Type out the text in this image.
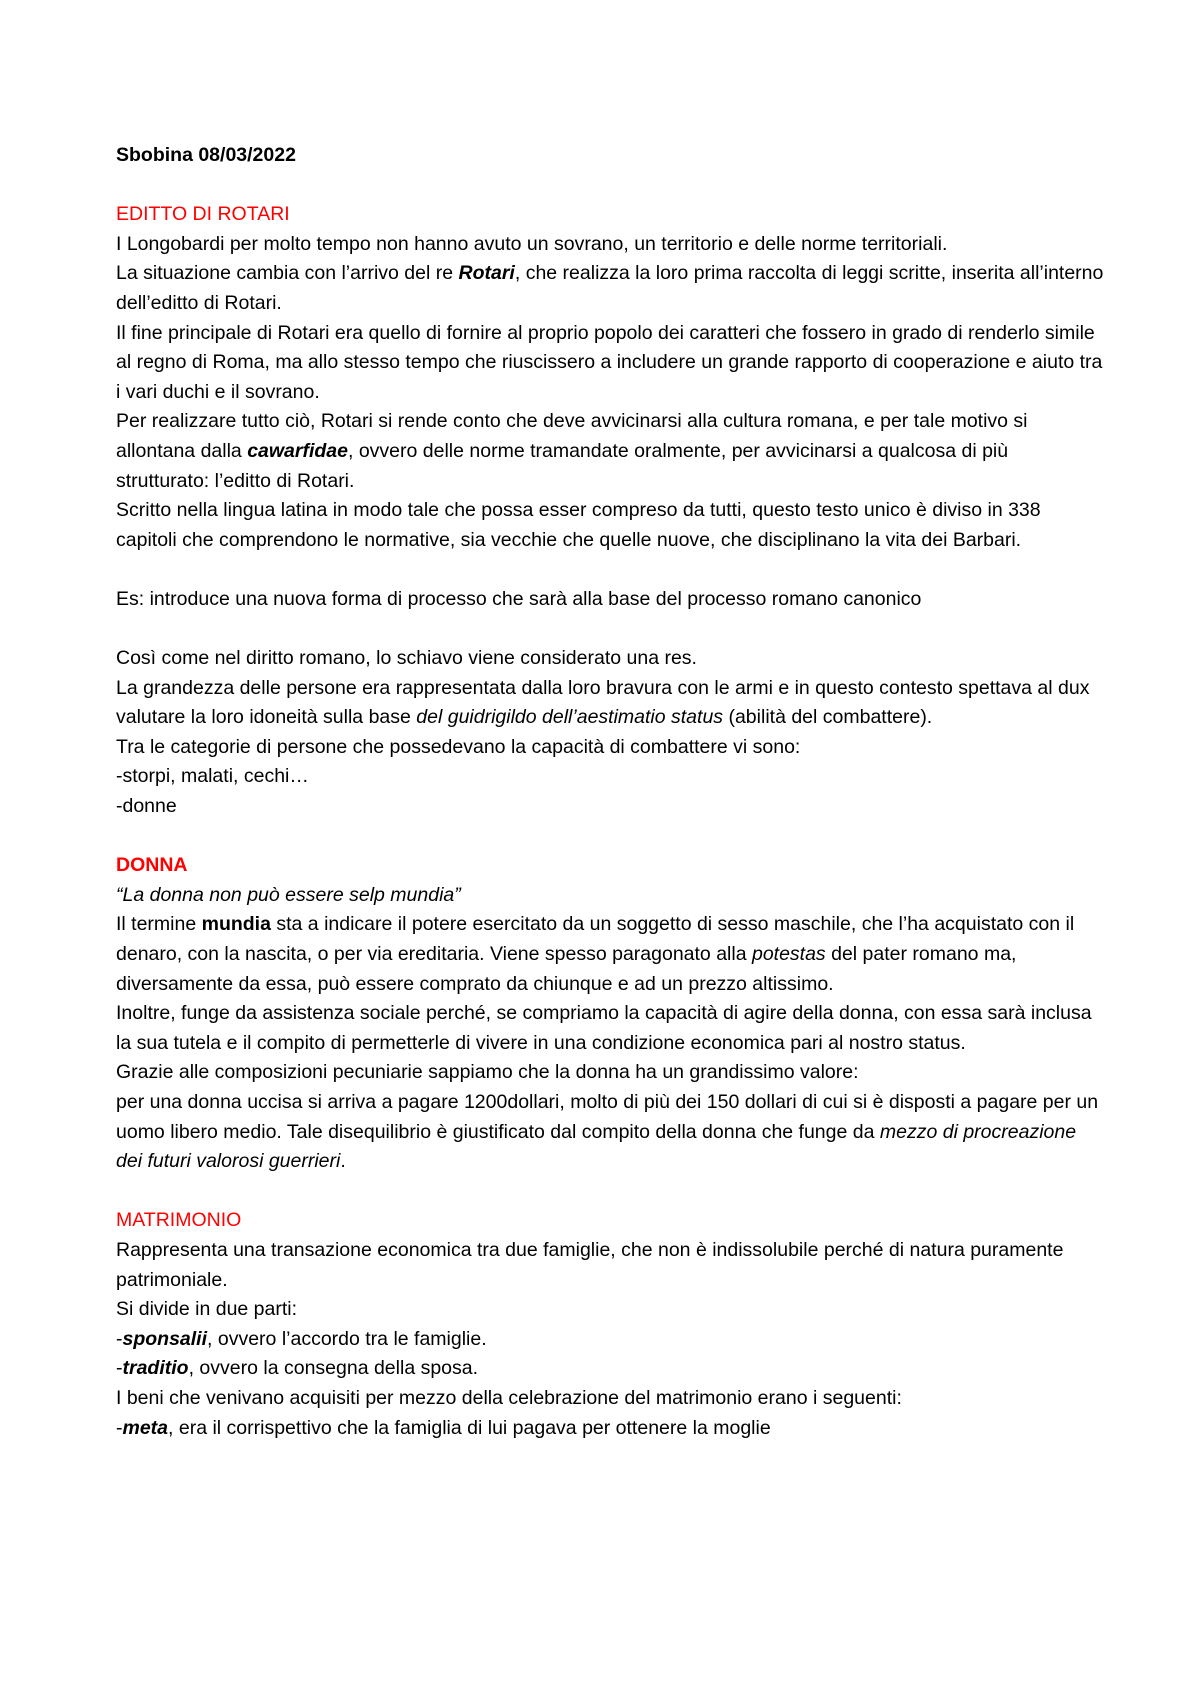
Sbobina 08/03/2022

EDITTO DI ROTARI

I Longobardi per molto tempo non hanno avuto un sovrano, un territorio e delle norme territoriali.

La situazione cambia con l’arrivo del re Rotari, che realizza la loro prima raccolta di leggi scritte, inserita all’interno dell’editto di Rotari.

Il fine principale di Rotari era quello di fornire al proprio popolo dei caratteri che fossero in grado di renderlo simile al regno di Roma, ma allo stesso tempo che riuscissero a includere un grande rapporto di cooperazione e aiuto tra i vari duchi e il sovrano.

Per realizzare tutto ciò, Rotari si rende conto che deve avvicinarsi alla cultura romana, e per tale motivo si allontana dalla cawarfidae, ovvero delle norme tramandate oralmente, per avvicinarsi a qualcosa di più strutturato: l’editto di Rotari.

Scritto nella lingua latina in modo tale che possa esser compreso da tutti, questo testo unico è diviso in 338 capitoli che comprendono le normative, sia vecchie che quelle nuove, che disciplinano la vita dei Barbari.

Es: introduce una nuova forma di processo che sarà alla base del processo romano canonico

Così come nel diritto romano, lo schiavo viene considerato una res.

La grandezza delle persone era rappresentata dalla loro bravura con le armi e in questo contesto spettava al dux valutare la loro idoneità sulla base del guidrigildo dell’aestimatio status (abilità del combattere).

Tra le categorie di persone che possedevano la capacità di combattere vi sono:

-storpi, malati, cechi…

-donne

DONNA

“La donna non può essere selp mundia”

Il termine mundia sta a indicare il potere esercitato da un soggetto di sesso maschile, che l’ha acquistato con il denaro, con la nascita, o per via ereditaria. Viene spesso paragonato alla potestas del pater romano ma, diversamente da essa, può essere comprato da chiunque e ad un prezzo altissimo.

Inoltre, funge da assistenza sociale perché, se compriamo la capacità di agire della donna, con essa sarà inclusa la sua tutela e il compito di permetterle di vivere in una condizione economica pari al nostro status.

Grazie alle composizioni pecuniarie sappiamo che la donna ha un grandissimo valore:

per una donna uccisa si arriva a pagare 1200dollari, molto di più dei 150 dollari di cui si è disposti a pagare per un uomo libero medio. Tale disequilibrio è giustificato dal compito della donna che funge da mezzo di procreazione dei futuri valorosi guerrieri.

MATRIMONIO

Rappresenta una transazione economica tra due famiglie, che non è indissolubile perché di natura puramente patrimoniale.

Si divide in due parti:

-sponsalii, ovvero l’accordo tra le famiglie.

-traditio, ovvero la consegna della sposa.

I beni che venivano acquisiti per mezzo della celebrazione del matrimonio erano i seguenti:

-meta, era il corrispettivo che la famiglia di lui pagava per ottenere la moglie
